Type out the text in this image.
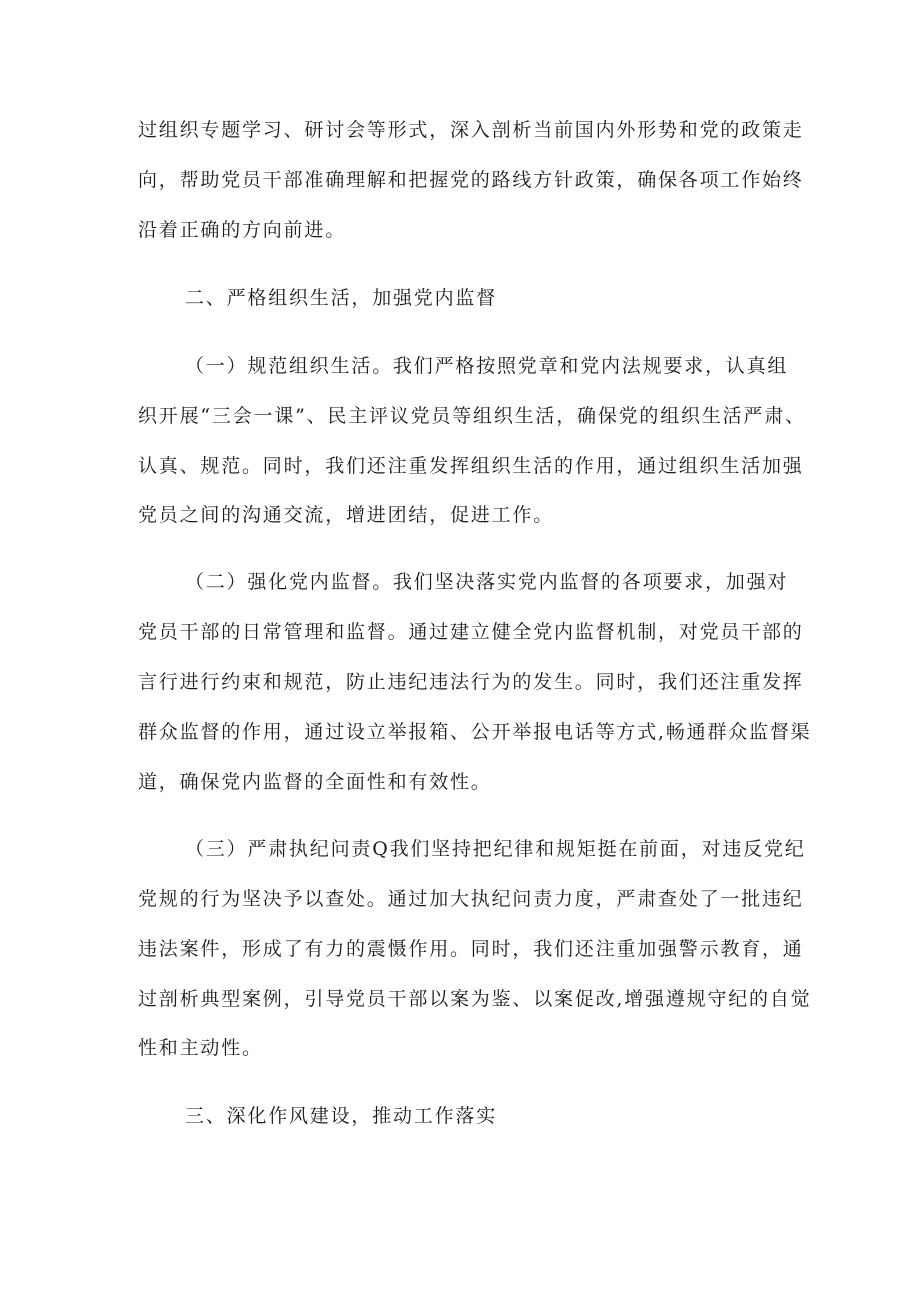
过组织专题学习、研讨会等形式，深入剖析当前国内外形势和党的政策走
向，帮助党员干部准确理解和把握党的路线方针政策，确保各项工作始终
沿着正确的方向前进。
二、严格组织生活，加强党内监督
（一）规范组织生活。我们严格按照党章和党内法规要求，认真组
织开展“三会一课”、民主评议党员等组织生活，确保党的组织生活严肃、
认真、规范。同时，我们还注重发挥组织生活的作用，通过组织生活加强
党员之间的沟通交流，增进团结，促进工作。
（二）强化党内监督。我们坚决落实党内监督的各项要求，加强对
党员干部的日常管理和监督。通过建立健全党内监督机制，对党员干部的
言行进行约束和规范，防止违纪违法行为的发生。同时，我们还注重发挥
群众监督的作用，通过设立举报箱、公开举报电话等方式,畅通群众监督渠
道，确保党内监督的全面性和有效性。
（三）严肃执纪问责Q我们坚持把纪律和规矩挺在前面，对违反党纪
党规的行为坚决予以查处。通过加大执纪问责力度，严肃查处了一批违纪
违法案件，形成了有力的震慑作用。同时，我们还注重加强警示教育，通
过剖析典型案例，引导党员干部以案为鉴、以案促改,增强遵规守纪的自觉
性和主动性。
三、深化作风建设，推动工作落实
